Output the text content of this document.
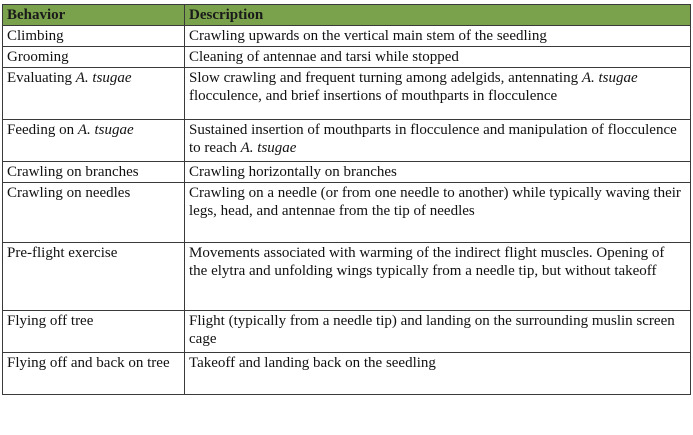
Behavior	Description
Climbing	Crawling upwards on the vertical main stem of the seedling
Grooming	Cleaning of antennae and tarsi while stopped
Evaluating A. tsugae	Slow crawling and frequent turning among adelgids, antennating A. tsugae flocculence, and brief insertions of mouthparts in flocculence
Feeding on A. tsugae	Sustained insertion of mouthparts in flocculence and manipulation of flocculence to reach A. tsugae
Crawling on branches	Crawling horizontally on branches
Crawling on needles	Crawling on a needle (or from one needle to another) while typically waving their legs, head, and antennae from the tip of needles
Pre-flight exercise	Movements associated with warming of the indirect flight muscles. Opening of the elytra and unfolding wings typically from a needle tip, but without takeoff
Flying off tree	Flight (typically from a needle tip) and landing on the surrounding muslin screen cage
Flying off and back on tree	Takeoff and landing back on the seedling
